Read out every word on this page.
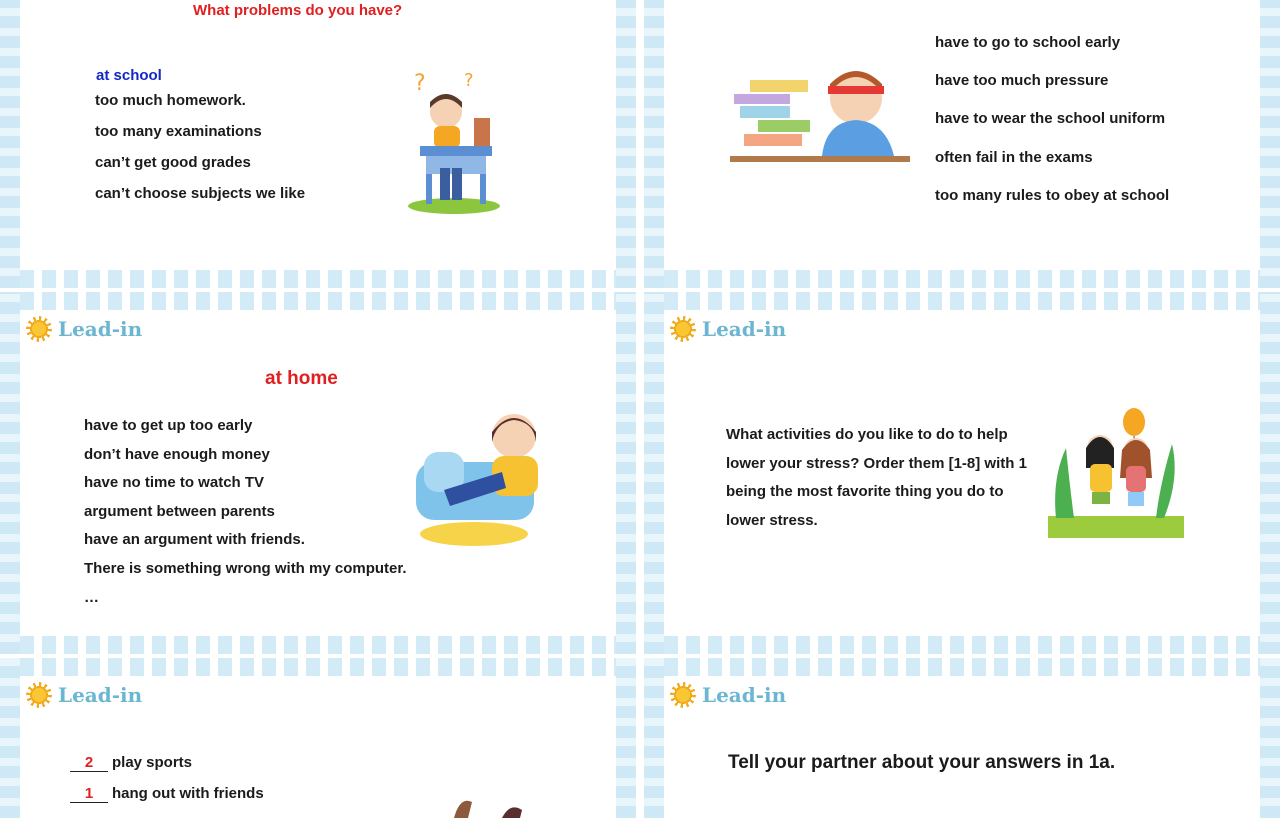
What problems do you have?
at school
too much homework.
too many examinations
can’t get good grades
can’t choose subjects we like
? ?
have to go to school early
have too much pressure
have to wear the school uniform
often fail in the exams
too many rules to obey at school
Lead-in
at home
have to get up too early
don’t have enough money
have no time to watch TV
argument between parents
have an argument with friends.
There is something wrong with my computer.
…
Lead-in
What activities do you like to do to help
lower your stress? Order them [1-8] with 1
being the most favorite thing you do to
lower stress.
Lead-in
2 play sports
1 hang out with friends
Lead-in
Tell your partner about your answers in 1a.
